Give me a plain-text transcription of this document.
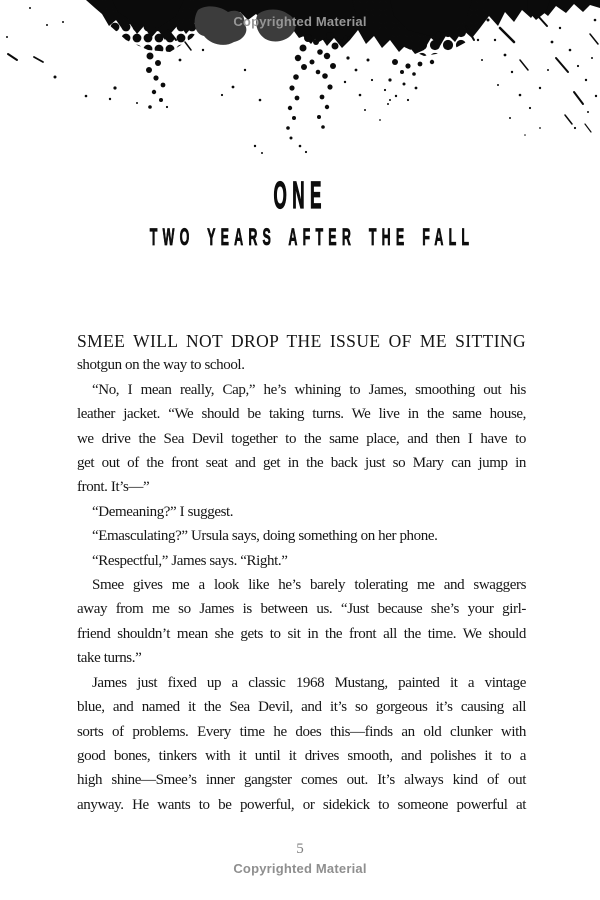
Copyrighted Material
ONE
TWO YEARS AFTER THE FALL
SMEE WILL NOT DROP THE ISSUE OF ME SITTING
shotgun on the way to school.
“No, I mean really, Cap,” he’s whining to James, smoothing out his
leather jacket. “We should be taking turns. We live in the same house,
we drive the Sea Devil together to the same place, and then I have to
get out of the front seat and get in the back just so Mary can jump in
front. It’s—”
“Demeaning?” I suggest.
“Emasculating?” Ursula says, doing something on her phone.
“Respectful,” James says. “Right.”
Smee gives me a look like he’s barely tolerating me and swaggers
away from me so James is between us. “Just because she’s your girl-
friend shouldn’t mean she gets to sit in the front all the time. We should
take turns.”
James just fixed up a classic 1968 Mustang, painted it a vintage
blue, and named it the Sea Devil, and it’s so gorgeous it’s causing all
sorts of problems. Every time he does this—finds an old clunker with
good bones, tinkers with it until it drives smooth, and polishes it to a
high shine—Smee’s inner gangster comes out. It’s always kind of out
anyway. He wants to be powerful, or sidekick to someone powerful at
5
Copyrighted Material
